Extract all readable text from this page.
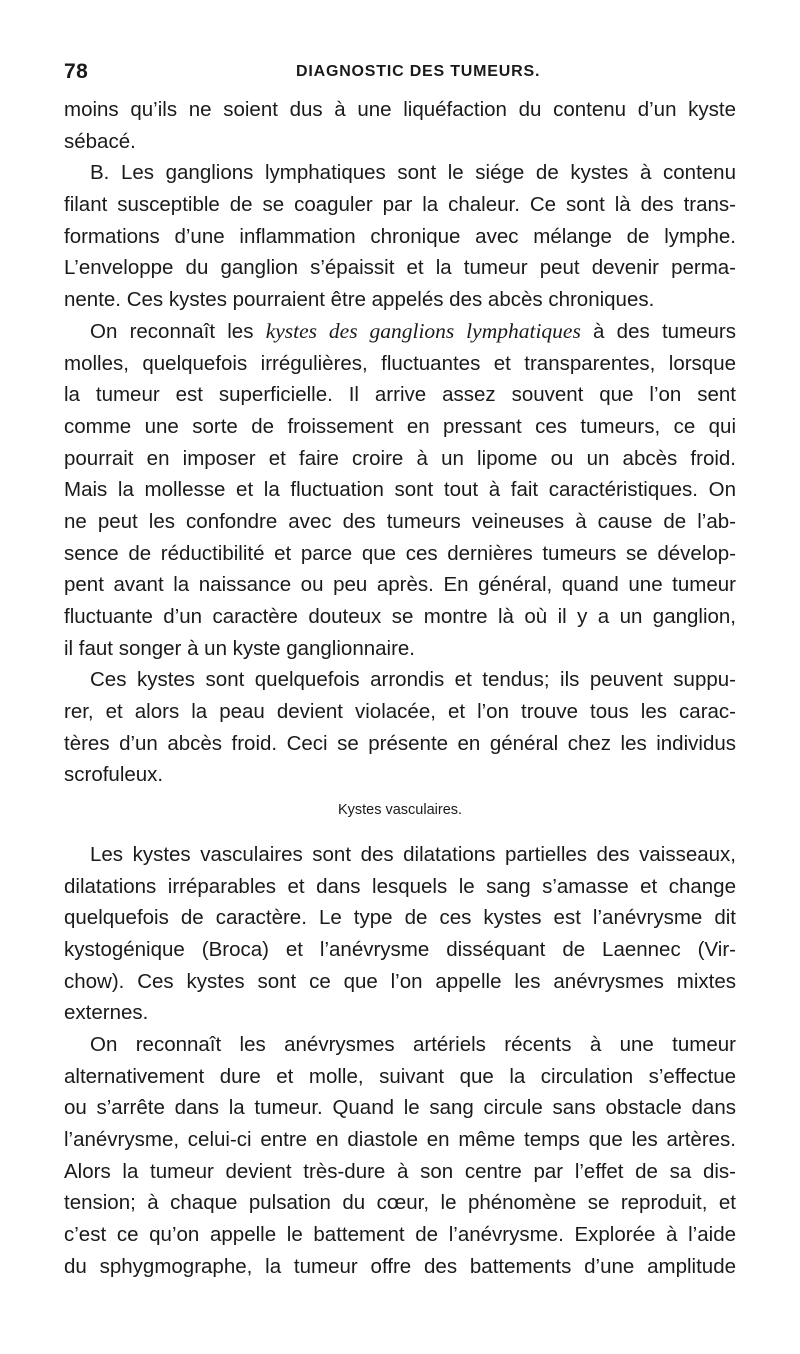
78	DIAGNOSTIC DES TUMEURS.
moins qu’ils ne soient dus à une liquéfaction du contenu d’un kyste
sébacé.
B. Les ganglions lymphatiques sont le siége de kystes à contenu
filant susceptible de se coaguler par la chaleur. Ce sont là des trans-
formations d’une inflammation chronique avec mélange de lymphe.
L’enveloppe du ganglion s’épaissit et la tumeur peut devenir perma-
nente. Ces kystes pourraient être appelés des abcès chroniques.
On reconnaît les kystes des ganglions lymphatiques à des tumeurs
molles, quelquefois irrégulières, fluctuantes et transparentes, lorsque
la tumeur est superficielle. Il arrive assez souvent que l’on sent
comme une sorte de froissement en pressant ces tumeurs, ce qui
pourrait en imposer et faire croire à un lipome ou un abcès froid.
Mais la mollesse et la fluctuation sont tout à fait caractéristiques. On
ne peut les confondre avec des tumeurs veineuses à cause de l’ab-
sence de réductibilité et parce que ces dernières tumeurs se dévelop-
pent avant la naissance ou peu après. En général, quand une tumeur
fluctuante d’un caractère douteux se montre là où il y a un ganglion,
il faut songer à un kyste ganglionnaire.
Ces kystes sont quelquefois arrondis et tendus; ils peuvent suppu-
rer, et alors la peau devient violacée, et l’on trouve tous les carac-
tères d’un abcès froid. Ceci se présente en général chez les individus
scrofuleux.
Kystes vasculaires.
Les kystes vasculaires sont des dilatations partielles des vaisseaux,
dilatations irréparables et dans lesquels le sang s’amasse et change
quelquefois de caractère. Le type de ces kystes est l’anévrysme dit
kystogénique (Broca) et l’anévrysme disséquant de Laennec (Vir-
chow). Ces kystes sont ce que l’on appelle les anévrysmes mixtes
externes.
On reconnaît les anévrysmes artériels récents à une tumeur
alternativement dure et molle, suivant que la circulation s’effectue
ou s’arrête dans la tumeur. Quand le sang circule sans obstacle dans
l’anévrysme, celui-ci entre en diastole en même temps que les artères.
Alors la tumeur devient très-dure à son centre par l’effet de sa dis-
tension; à chaque pulsation du cœur, le phénomène se reproduit, et
c’est ce qu’on appelle le battement de l’anévrysme. Explorée à l’aide
du sphygmographe, la tumeur offre des battements d’une amplitude
